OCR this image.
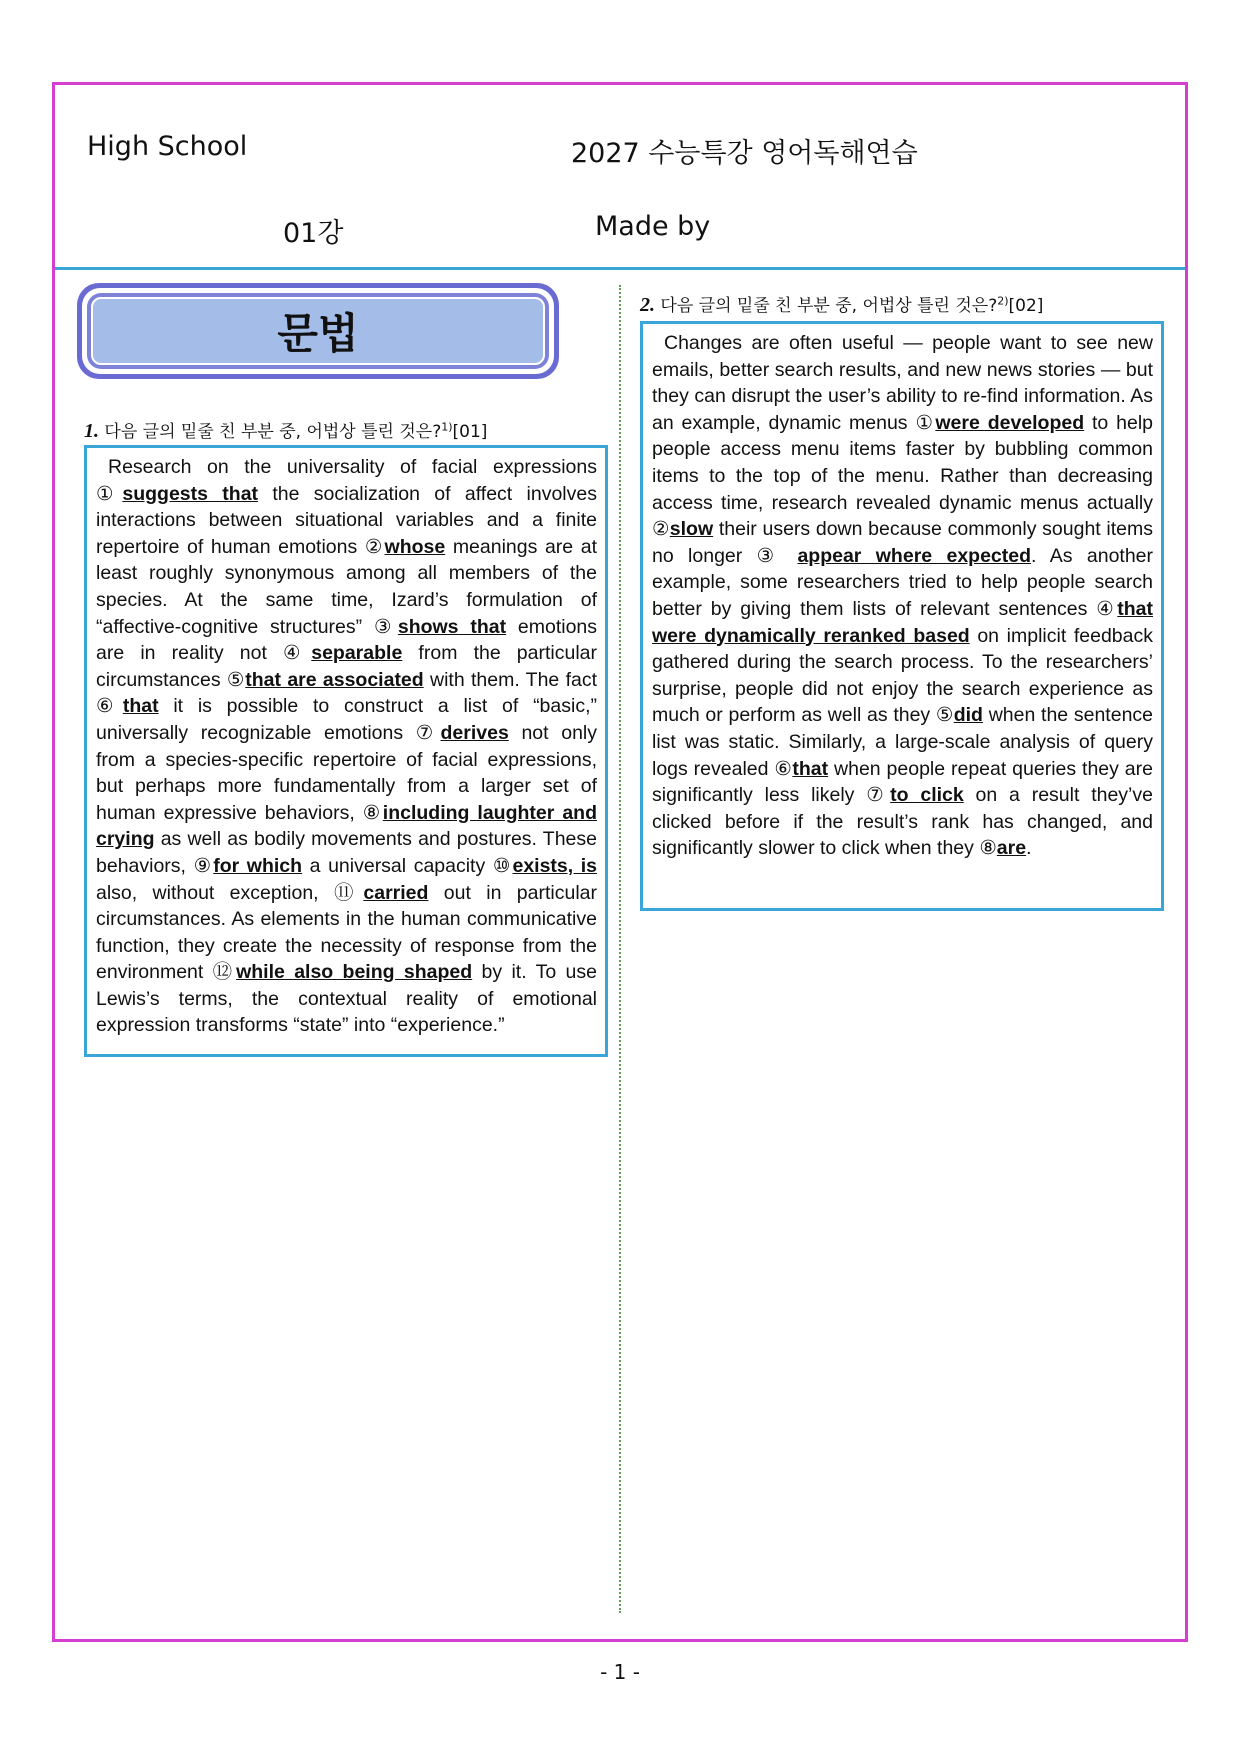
High School	2027 수능특강 영어독해연습
01강	Made by
문법
1. 다음 글의 밑줄 친 부분 중, 어법상 틀린 것은?$^{1)}$[01]

Research on the universality of facial expressions ①suggests that the socialization of affect involves interactions between situational variables and a finite repertoire of human emotions ②whose meanings are at least roughly synonymous among all members of the species. At the same time, Izard’s formulation of “affective-cognitive structures” ③shows that emotions are in reality not ④separable from the particular circumstances ⑤that are associated with them. The fact ⑥that it is possible to construct a list of “basic,” universally recognizable emotions ⑦derives not only from a species-specific repertoire of facial expressions, but perhaps more fundamentally from a larger set of human expressive behaviors, ⑧including laughter and crying as well as bodily movements and postures. These behaviors, ⑨for which a universal capacity ⑩exists, is also, without exception, ⑪carried out in particular circumstances. As elements in the human communicative function, they create the necessity of response from the environment ⑫while also being shaped by it. To use Lewis’s terms, the contextual reality of emotional expression transforms “state” into “experience.”

2. 다음 글의 밑줄 친 부분 중, 어법상 틀린 것은?$^{2)}$[02]

Changes are often useful — people want to see new emails, better search results, and new news stories — but they can disrupt the user’s ability to re-find information. As an example, dynamic menus ①were developed to help people access menu items faster by bubbling common items to the top of the menu. Rather than decreasing access time, research revealed dynamic menus actually ②slow their users down because commonly sought items no longer ③ appear where expected. As another example, some researchers tried to help people search better by giving them lists of relevant sentences ④that were dynamically reranked based on implicit feedback gathered during the search process. To the researchers’ surprise, people did not enjoy the search experience as much or perform as well as they ⑤did when the sentence list was static. Similarly, a large-scale analysis of query logs revealed ⑥that when people repeat queries they are significantly less likely ⑦to click on a result they’ve clicked before if the result’s rank has changed, and significantly slower to click when they ⑧are.

- 1 -
